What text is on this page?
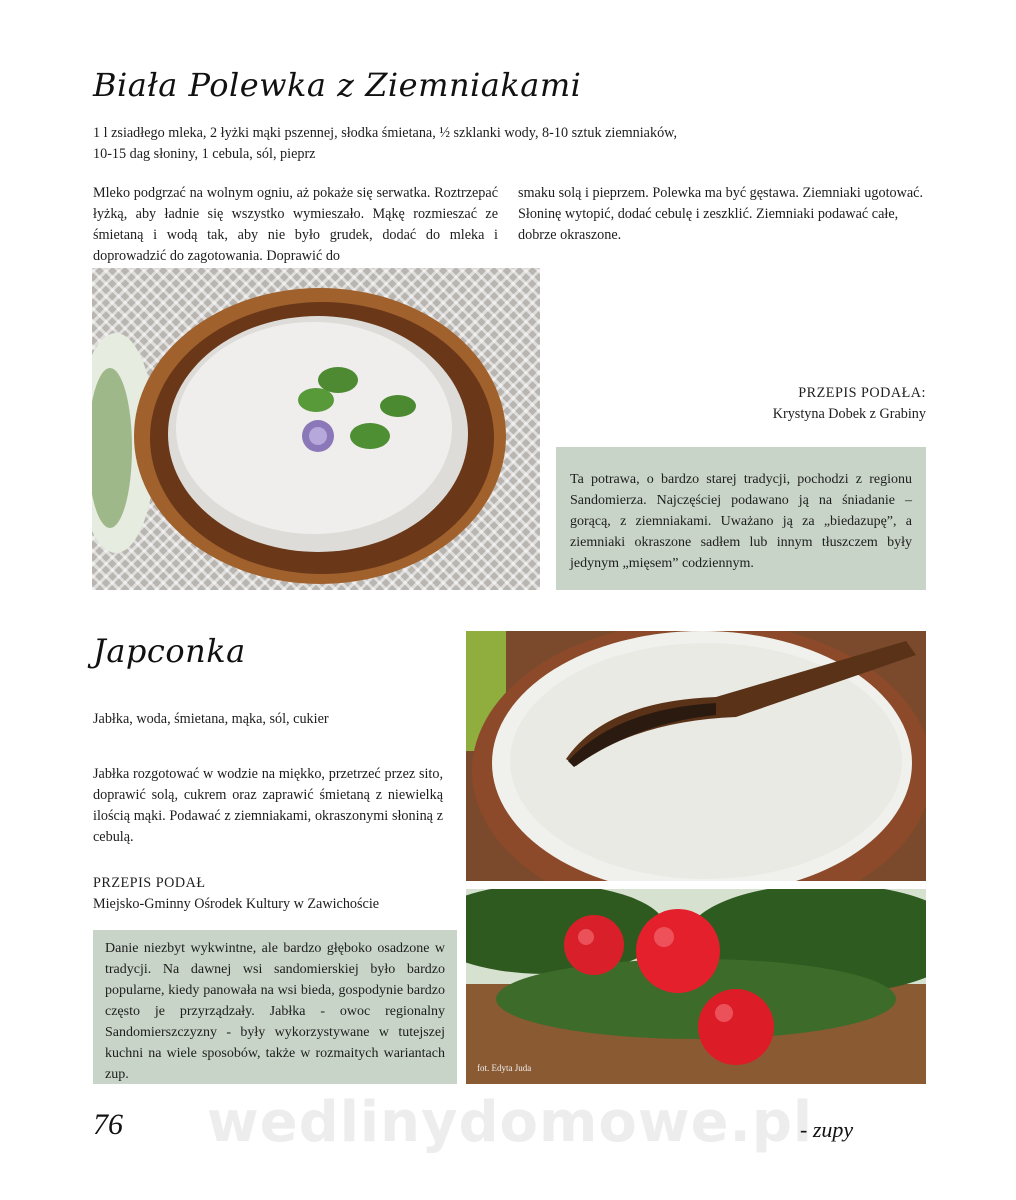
Biała Polewka z Ziemniakami
1 l zsiadłego mleka, 2 łyżki mąki pszennej, słodka śmietana, ½ szklanki wody, 8-10 sztuk ziemniaków,
10-15 dag słoniny, 1 cebula, sól, pieprz
Mleko podgrzać na wolnym ogniu, aż pokaże się serwatka. Roztrzepać łyżką, aby ładnie się wszystko wymieszało. Mąkę rozmieszać ze śmietaną i wodą tak, aby nie było grudek, dodać do mleka i doprowadzić do zagotowania. Doprawić do
smaku solą i pieprzem. Polewka ma być gęstawa. Ziemniaki ugotować. Słoninę wytopić, dodać cebulę i zeszklić. Ziemniaki podawać całe, dobrze okraszone.
PRZEPIS PODAŁA:
Krystyna Dobek z Grabiny
Ta potrawa, o bardzo starej tradycji, pochodzi z regionu Sandomierza. Najczęściej podawano ją na śniadanie – gorącą, z ziemniakami. Uważano ją za „biedazupę”, a ziemniaki okraszone sadłem lub innym tłuszczem były jedynym „mięsem” codziennym.
Japconka
Jabłka, woda, śmietana, mąka, sól, cukier
Jabłka rozgotować w wodzie na miękko, przetrzeć przez sito, doprawić solą, cukrem oraz zaprawić śmietaną z niewielką ilością mąki. Podawać z ziemniakami, okraszonymi słoniną z cebulą.
PRZEPIS PODAŁ
Miejsko-Gminny Ośrodek Kultury w Zawichoście
Danie niezbyt wykwintne, ale bardzo głęboko osadzone w tradycji. Na dawnej wsi sandomierskiej było bardzo popularne, kiedy panowała na wsi bieda, gospodynie bardzo często je przyrządzały. Jabłka - owoc regionalny Sandomierszczyzny - były wykorzystywane w tutejszej kuchni na wiele sposobów, także w rozmaitych wariantach zup.	fot. Edyta Juda
wedlinydomowe.pl
76	- zupy
